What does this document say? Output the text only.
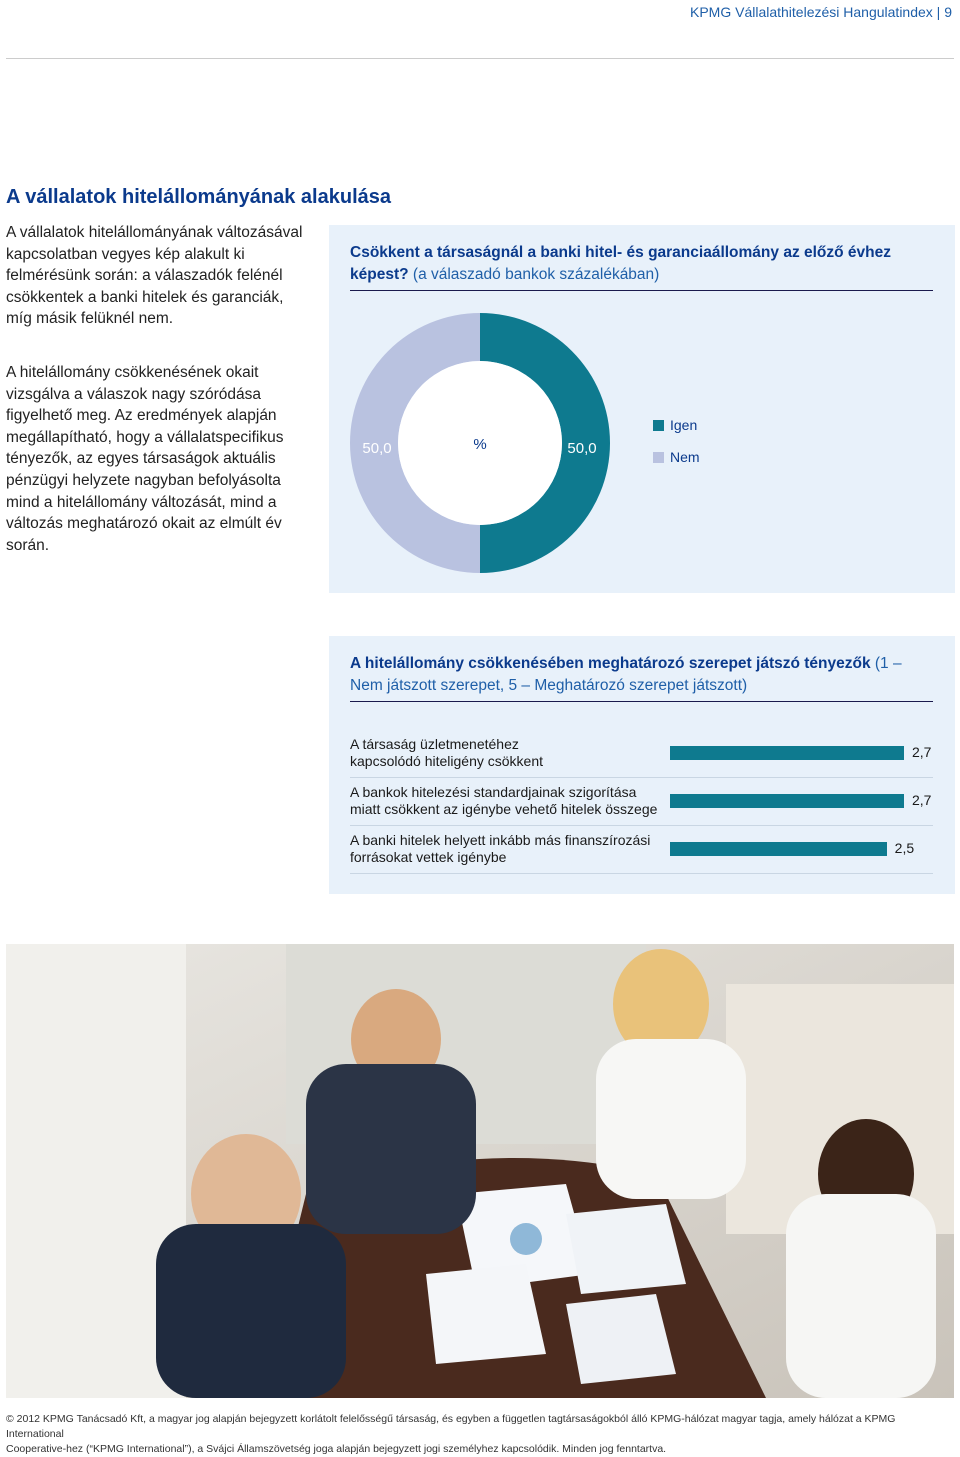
KPMG Vállalathitelezési Hangulatindex | 9
A vállalatok hitelállományának alakulása

A vállalatok hitelállományának változásával kapcsolatban vegyes kép alakult ki felmérésünk során: a válaszadók felénél csökkentek a banki hitelek és garanciák, míg másik felüknél nem.

A hitelállomány csökkenésének okait vizsgálva a válaszok nagy szóródása figyelhető meg. Az eredmények alapján megállapítható, hogy a vállalatspecifikus tényezők, az egyes társaságok aktuális pénzügyi helyzete nagyban befolyásolta mind a hitelállomány változását, mind a változás meghatározó okait az elmúlt év során.

Csökkent a társaságnál a banki hitel- és garanciaállomány az előző évhez képest? (a válaszadó bankok százalékában)
%
50,0	50,0
Igen
Nem
A hitelállomány csökkenésében meghatározó szerepet játszó tényezők (1 – Nem játszott szerepet, 5 – Meghatározó szerepet játszott)
A társaság üzletmenetéhez
kapcsolódó hiteligény csökkent
2,7
A bankok hitelezési standardjainak szigorítása
miatt csökkent az igénybe vehető hitelek összege
2,7
A banki hitelek helyett inkább más finanszírozási
forrásokat vettek igénybe
2,5
© 2012 KPMG Tanácsadó Kft, a magyar jog alapján bejegyzett korlátolt felelősségű társaság, és egyben a független tagtársaságokból álló KPMG-hálózat magyar tagja, amely hálózat a KPMG International
Cooperative-hez (“KPMG International”), a Svájci Államszövetség joga alapján bejegyzett jogi személyhez kapcsolódik. Minden jog fenntartva.
